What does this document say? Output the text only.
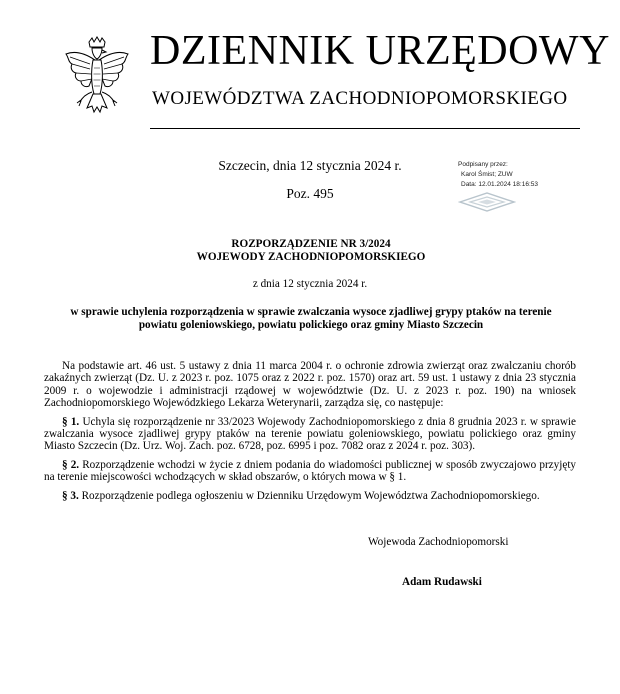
DZIENNIK URZĘDOWY
WOJEWÓDZTWA ZACHODNIOPOMORSKIEGO
Szczecin, dnia 12 stycznia 2024 r.
Poz. 495
Podpisany przez:
Karol Śmist; ZUW
Data: 12.01.2024 18:16:53
ROZPORZĄDZENIE NR 3/2024
WOJEWODY ZACHODNIOPOMORSKIEGO
z dnia 12 stycznia 2024 r.
w sprawie uchylenia rozporządzenia w sprawie zwalczania wysoce zjadliwej grypy ptaków na terenie powiatu goleniowskiego, powiatu polickiego oraz gminy Miasto Szczecin

Na podstawie art. 46 ust. 5 ustawy z dnia 11 marca 2004 r. o ochronie zdrowia zwierząt oraz zwalczaniu chorób zakaźnych zwierząt (Dz. U. z 2023 r. poz. 1075 oraz z 2022 r. poz. 1570) oraz art. 59 ust. 1 ustawy z dnia 23 stycznia 2009 r. o wojewodzie i administracji rządowej w województwie (Dz. U. z 2023 r. poz. 190) na wniosek Zachodniopomorskiego Wojewódzkiego Lekarza Weterynarii, zarządza się, co następuje:

§ 1. Uchyla się rozporządzenie nr 33/2023 Wojewody Zachodniopomorskiego z dnia 8 grudnia 2023 r. w sprawie zwalczania wysoce zjadliwej grypy ptaków na terenie powiatu goleniowskiego, powiatu polickiego oraz gminy Miasto Szczecin (Dz. Urz. Woj. Zach. poz. 6728, poz. 6995 i poz. 7082 oraz z 2024 r. poz. 303).

§ 2. Rozporządzenie wchodzi w życie z dniem podania do wiadomości publicznej w sposób zwyczajowo przyjęty na terenie miejscowości wchodzących w skład obszarów, o których mowa w § 1.

§ 3. Rozporządzenie podlega ogłoszeniu w Dzienniku Urzędowym Województwa Zachodniopomorskiego.

Wojewoda Zachodniopomorski
Adam Rudawski
